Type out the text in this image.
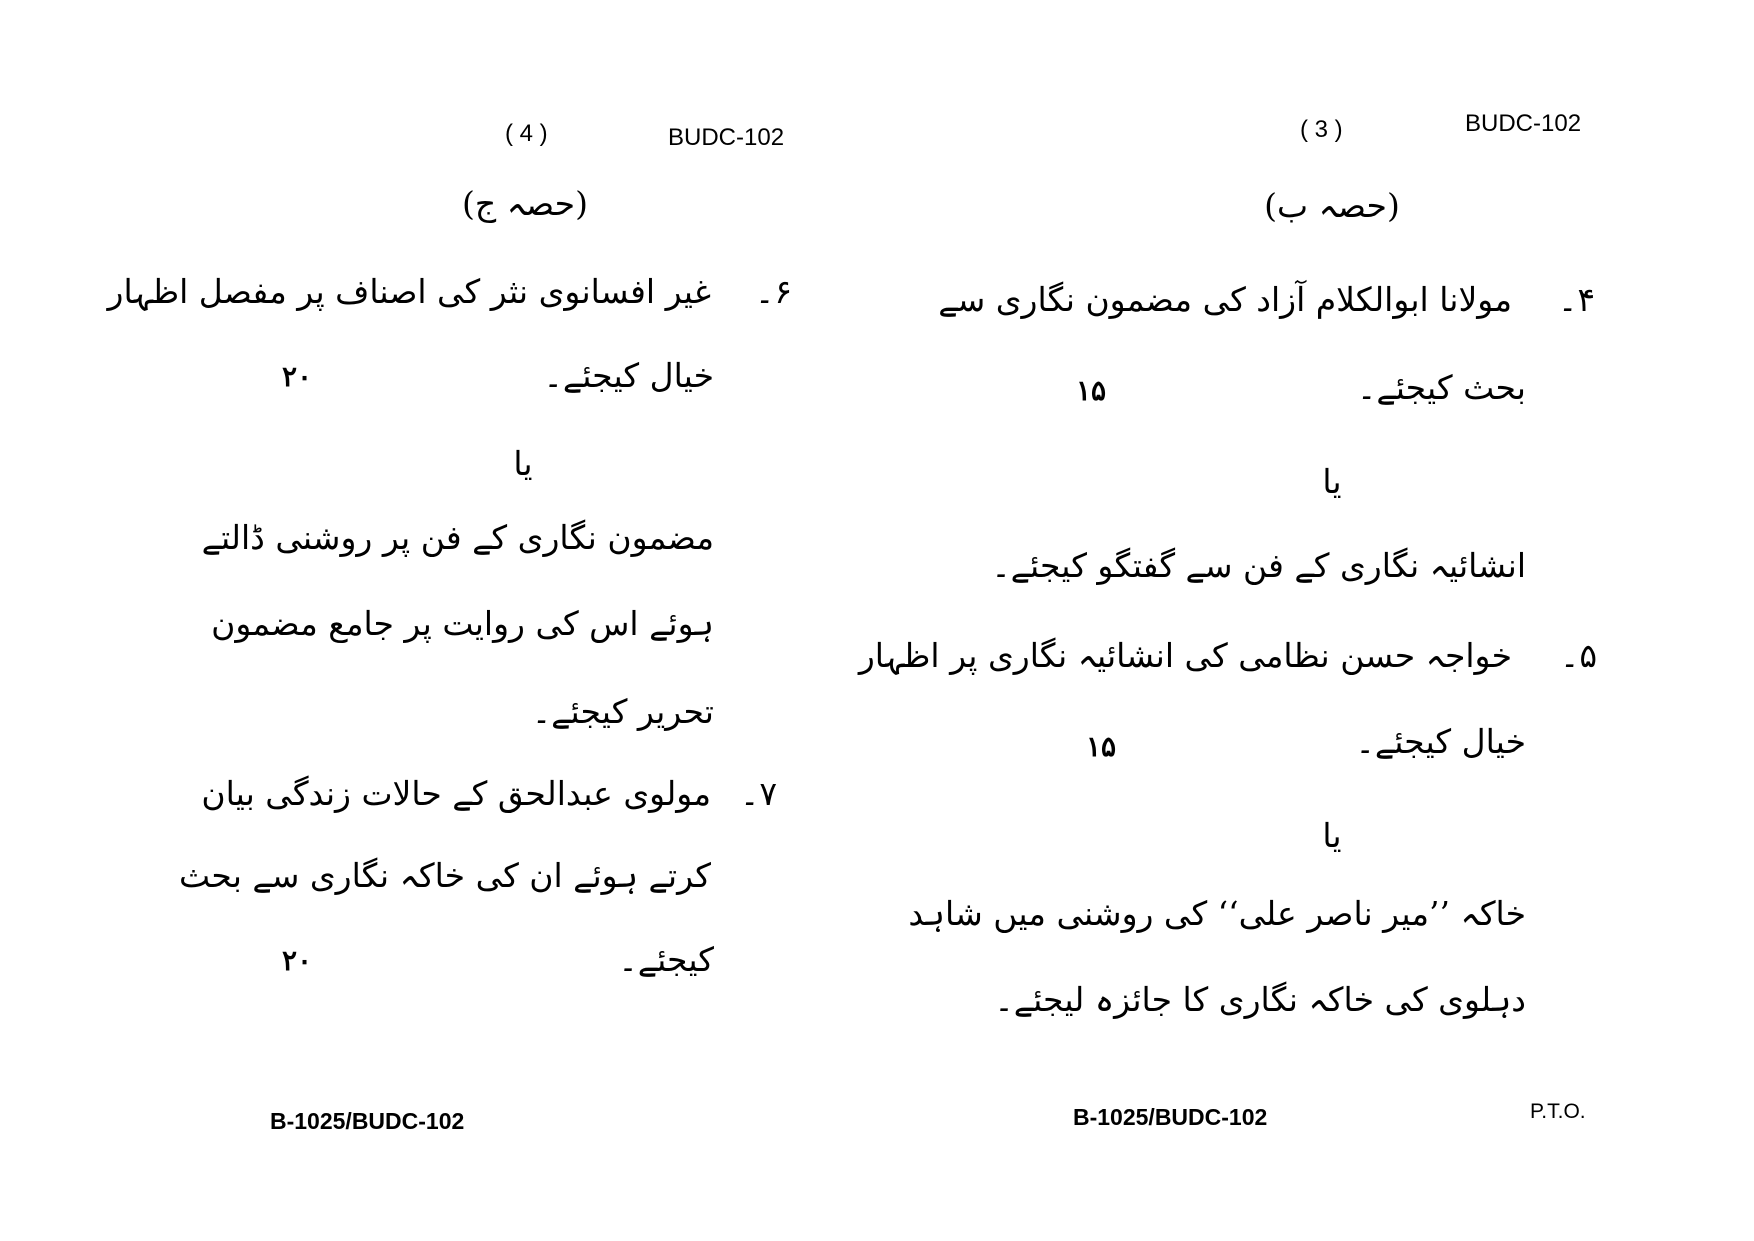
( 4 )	BUDC-102
(حصہ ج)
۶۔
غیر افسانوی نثر کی اصناف پر مفصل اظہار
خیال کیجئے۔
۲۰
یا
مضمون نگاری کے فن پر روشنی ڈالتے
ہوئے اس کی روایت پر جامع مضمون
تحریر کیجئے۔
۷۔
مولوی عبدالحق کے حالات زندگی بیان
کرتے ہوئے ان کی خاکہ نگاری سے بحث
کیجئے۔
۲۰
B-1025/BUDC-102
( 3 )	BUDC-102
(حصہ ب)
۴۔
مولانا ابوالکلام آزاد کی مضمون نگاری سے
بحث کیجئے۔
۱۵
یا
انشائیہ نگاری کے فن سے گفتگو کیجئے۔
۵۔
خواجہ حسن نظامی کی انشائیہ نگاری پر اظہار
خیال کیجئے۔
۱۵
یا
خاکہ ’’میر ناصر علی‘‘ کی روشنی میں شاہد
دہلوی کی خاکہ نگاری کا جائزہ لیجئے۔
B-1025/BUDC-102	P.T.O.
